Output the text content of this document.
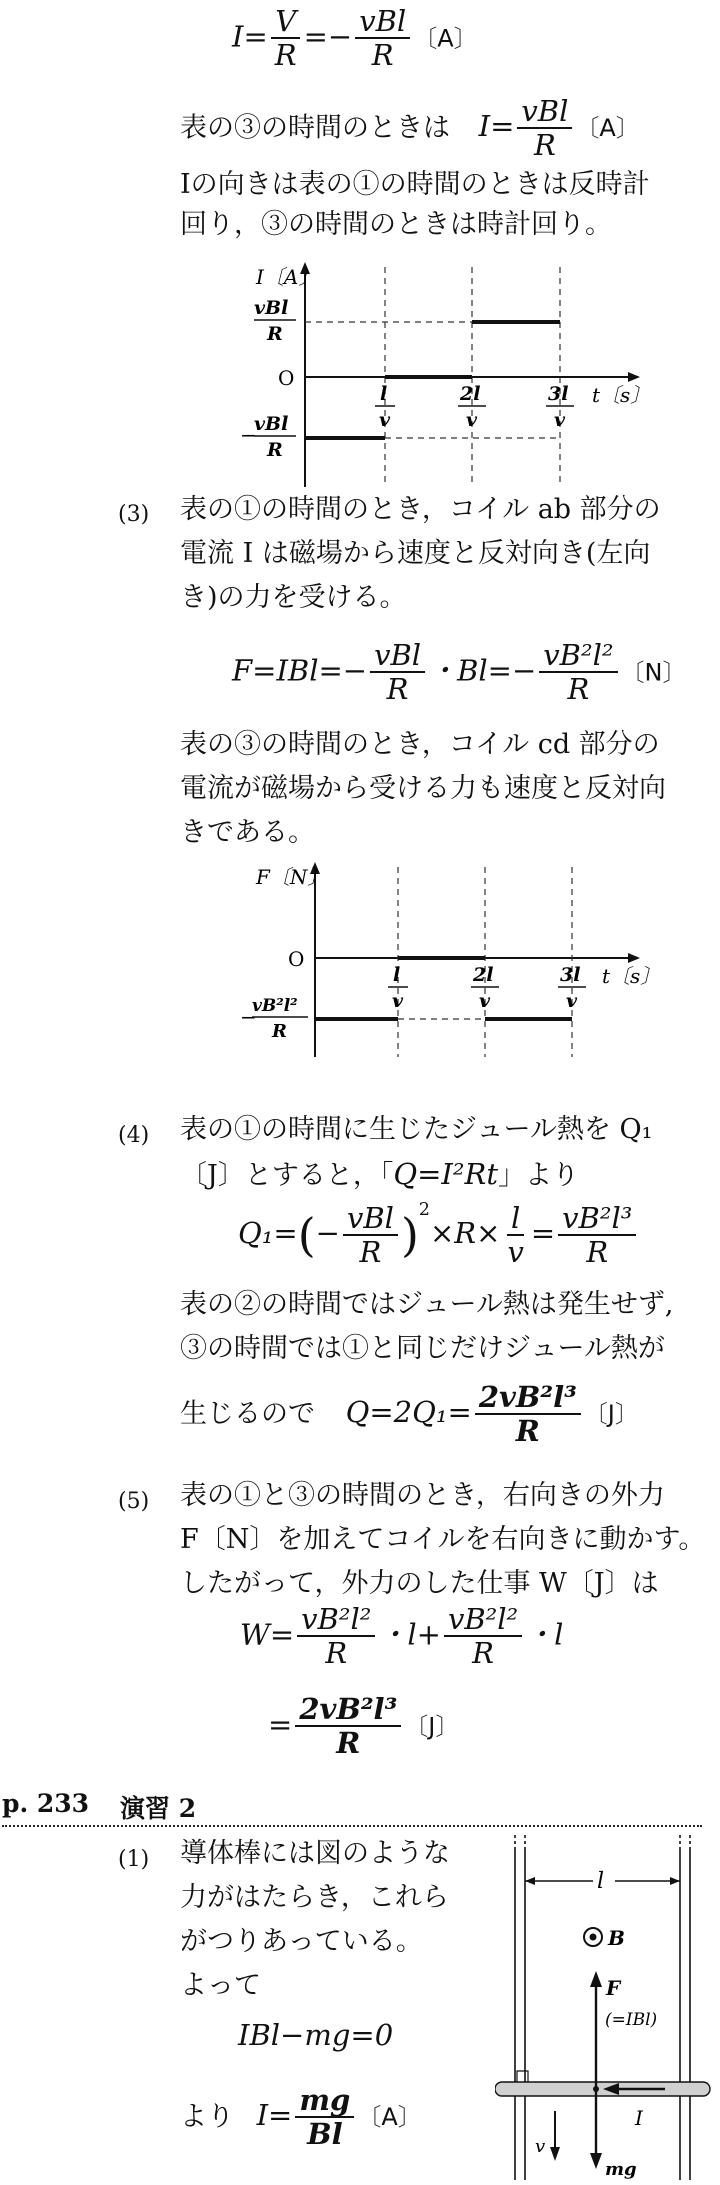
$I= \frac{V}{R} =- \frac{\text{vBl}}{R}$ 〔A〕
表の③の時間のときは $I= \frac{\text{vBl}}{R}$ 〔A〕
Iの向きは表の①の時間のときは反時計
回り，③の時間のときは時計回り。
I〔A〕
vBl
R
O
−
vBl
R
l
v
2l
v
3l
v
t〔s〕
(3) 表の①の時間のとき，コイル ab 部分の
電流 I は磁場から速度と反対向き(左向
き)の力を受ける。
$F=IBl=- \frac{\text{vBl}}{R}$ ・$Bl=- \frac{\text{vB²l²}}{R}$ 〔N〕
表の③の時間のとき，コイル cd 部分の
電流が磁場から受ける力も速度と反対向
きである。
F〔N〕
O
−
vB²l²
R
l
v
2l
v
3l
v
t〔s〕
(4) 表の①の時間に生じたジュール熱を Q₁
〔J〕とすると，「Q=I²Rt」より
$Q_1=(- \frac{\text{vBl}}{R} )^2\times R\times \frac{l}{v} = \frac{\text{vB²l³}}{R}$
表の②の時間ではジュール熱は発生せず,
③の時間では①と同じだけジュール熱が
生じるので $Q=2Q_1= \frac{\text{2vB²l³}}{R}$ 〔J〕
(5) 表の①と③の時間のとき，右向きの外力
F〔N〕を加えてコイルを右向きに動かす。
したがって，外力のした仕事 W〔J〕は
$W= \frac{\text{vB²l²}}{R}$ ・$l+ \frac{\text{vB²l²}}{R}$ ・l
= $\frac{\text{2vB²l³}}{R}$ 〔J〕
p. 233 演習 2
(1) 導体棒には図のような
力がはたらき，これら
がつりあっている。
よって
IBl−mg=0
より $I= \frac{mg}{Bl}$ 〔A〕
l
B
F
(=IBl)
I
mg
v
